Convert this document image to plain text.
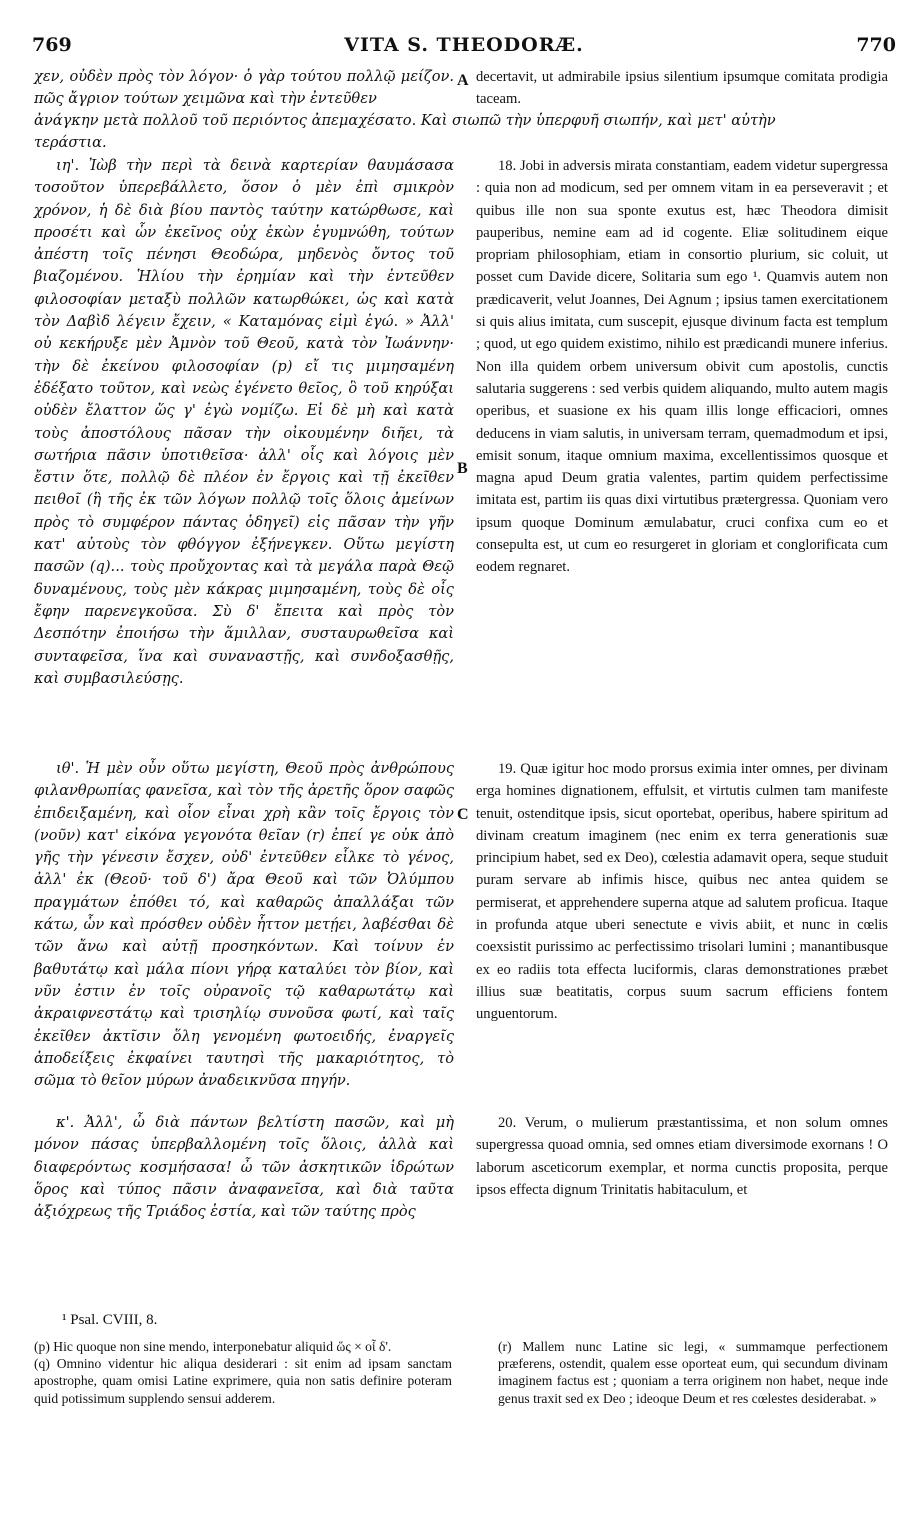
769	VITA S. THEODORÆ.	770

χεν, οὐδὲν πρὸς τὸν λόγον· ὁ γὰρ τούτου πολλῷ μείζον. πῶς ἄγριον τούτων χειμῶνα καὶ τὴν ἐντεῦθεν

A decertavit, ut admirabile ipsius silentium ipsumque comitata prodigia taceam.

ἀνάγκην μετὰ πολλοῦ τοῦ περιόντος ἀπεμαχέσατο. Καὶ σιωπῶ τὴν ὑπερφυῆ σιωπήν, καὶ μετ' αὐτὴν
τεράστια.

ιη'. Ἰὼβ τὴν περὶ τὰ δεινὰ καρτερίαν θαυμάσασα τοσοῦτον ὑπερεβάλλετο, ὅσον ὁ μὲν ἐπὶ σμικρὸν χρόνον, ἡ δὲ διὰ βίου παντὸς ταύτην κατώρθωσε, καὶ προσέτι καὶ ὧν ἐκεῖνος οὐχ ἑκὼν ἐγυμνώθη, τούτων ἀπέστη τοῖς πένησι Θεοδώρα, μηδενὸς ὄντος τοῦ βιαζομένου. Ἡλίου τὴν ἐρημίαν καὶ τὴν ἐντεῦθεν φιλοσοφίαν μεταξὺ πολλῶν κατωρθώκει, ὡς καὶ κατὰ τὸν Δαβὶδ λέγειν ἔχειν, « Καταμόνας εἰμὶ ἐγώ. » Ἀλλ' οὐ κεκήρυξε μὲν Ἀμνὸν τοῦ Θεοῦ, κατὰ τὸν Ἰωάννην· τὴν δὲ ἐκείνου φιλοσοφίαν (p) εἴ τις μιμησαμένη ἐδέξατο τοῦτον, καὶ νεὼς ἐγένετο θεῖος, ὃ τοῦ κηρύξαι οὐδὲν ἔλαττον ὥς γ' ἐγὼ νομίζω. Εἰ δὲ μὴ καὶ κατὰ τοὺς ἀποστόλους πᾶσαν τὴν οἰκουμένην διῆει, τὰ σωτήρια πᾶσιν ὑποτιθεῖσα· ἀλλ' οἷς καὶ λόγοις μὲν ἔστιν ὅτε, πολλῷ δὲ πλέον ἐν ἔργοις καὶ τῇ ἐκεῖθεν πειθοῖ (ἣ τῆς ἐκ τῶν λόγων πολλῷ τοῖς ὅλοις ἀμείνων πρὸς τὸ συμφέρον πάντας ὁδηγεῖ) εἰς πᾶσαν τὴν γῆν κατ' αὐτοὺς τὸν φθόγγον ἐξήνεγκεν. Οὕτω μεγίστη πασῶν (q)... τοὺς προὔχοντας καὶ τὰ μεγάλα παρὰ Θεῷ δυναμένους, τοὺς μὲν κάκρας μιμησαμένη, τοὺς δὲ οἷς ἔφην παρενεγκοῦσα. Σὺ δ' ἔπειτα καὶ πρὸς τὸν Δεσπότην ἐποιήσω τὴν ἅμιλλαν, συσταυρωθεῖσα καὶ συνταφεῖσα, ἵνα καὶ συναναστῇς, καὶ συνδοξασθῇς, καὶ συμβασιλεύσῃς.

B

18. Jobi in adversis mirata constantiam, eadem videtur supergressa : quia non ad modicum, sed per omnem vitam in ea perseveravit ; et quibus ille non sua sponte exutus est, hæc Theodora dimisit pauperibus, nemine eam ad id cogente. Eliæ solitudinem eique propriam philosophiam, etiam in consortio plurium, sic coluit, ut posset cum Davide dicere, Solitaria sum ego ¹. Quamvis autem non prædicaverit, velut Joannes, Dei Agnum ; ipsius tamen exercitationem si quis alius imitata, cum suscepit, ejusque divinum facta est templum ; quod, ut ego quidem existimo, nihilo est prædicandi munere inferius. Non illa quidem orbem universum obivit cum apostolis, cunctis salutaria suggerens : sed verbis quidem aliquando, multo autem magis operibus, et suasione ex his quam illis longe efficaciori, omnes deducens in viam salutis, in universam terram, quemadmodum et ipsi, emisit sonum, itaque omnium maxima, excellentissimos quosque et magna apud Deum gratia valentes, partim quidem perfectissime imitata est, partim iis quas dixi virtutibus prætergressa. Quoniam vero ipsum quoque Dominum æmulabatur, cruci confixa cum eo et consepulta est, ut cum eo resurgeret in gloriam et conglorificata cum eodem regnaret.

ιθ'. Ἡ μὲν οὖν οὕτω μεγίστη, Θεοῦ πρὸς ἀνθρώπους φιλανθρωπίας φανεῖσα, καὶ τὸν τῆς ἀρετῆς ὅρον σαφῶς ἐπιδειξαμένη, καὶ οἷον εἶναι χρὴ κἂν τοῖς ἔργοις τὸν (νοῦν) κατ' εἰκόνα γεγονότα θεῖαν (r) ἐπεί γε οὐκ ἀπὸ γῆς τὴν γένεσιν ἔσχεν, οὐδ' ἐντεῦθεν εἷλκε τὸ γένος, ἀλλ' ἐκ (Θεοῦ· τοῦ δ') ἄρα Θεοῦ καὶ τῶν Ὀλύμπου πραγμάτων ἐπόθει τό, καὶ καθαρῶς ἀπαλλάξαι τῶν κάτω, ὧν καὶ πρόσθεν οὐδὲν ἧττον μετῄει, λαβέσθαι δὲ τῶν ἄνω καὶ αὐτῇ προσηκόντων. Καὶ τοίνυν ἐν βαθυτάτῳ καὶ μάλα πίονι γήρᾳ καταλύει τὸν βίον, καὶ νῦν ἐστιν ἐν τοῖς οὐρανοῖς τῷ καθαρωτάτῳ καὶ ἀκραιφνεστάτῳ καὶ τρισηλίῳ συνοῦσα φωτί, καὶ ταῖς ἐκεῖθεν ἀκτῖσιν ὅλη γενομένη φωτοειδής, ἐναργεῖς ἀποδείξεις ἐκφαίνει ταυτησὶ τῆς μακαριότητος, τὸ σῶμα τὸ θεῖον μύρων ἀναδεικνῦσα πηγήν.

C

19. Quæ igitur hoc modo prorsus eximia inter omnes, per divinam erga homines dignationem, effulsit, et virtutis culmen tam manifeste tenuit, ostenditque ipsis, sicut oportebat, operibus, habere spiritum ad divinam creatum imaginem (nec enim ex terra generationis suæ principium habet, sed ex Deo), cœlestia adamavit opera, seque studuit puram servare ab infimis hisce, quibus nec antea quidem se permiserat, et apprehendere superna atque ad salutem proficua. Itaque in profunda atque uberi senectute e vivis abiit, et nunc in cœlis coexsistit purissimo ac perfectissimo trisolari lumini ; manantibusque ex eo radiis tota effecta luciformis, claras demonstrationes præbet illius suæ beatitatis, corpus suum sacrum efficiens fontem unguentorum.

κ'. Ἀλλ', ὦ διὰ πάντων βελτίστη πασῶν, καὶ μὴ μόνον πάσας ὑπερβαλλομένη τοῖς ὅλοις, ἀλλὰ καὶ διαφερόντως κοσμήσασα! ὦ τῶν ἀσκητικῶν ἱδρώτων ὅρος καὶ τύπος πᾶσιν ἀναφανεῖσα, καὶ διὰ ταῦτα ἀξιόχρεως τῆς Τριάδος ἑστία, καὶ τῶν ταύτης πρὸς

20. Verum, o mulierum præstantissima, et non solum omnes supergressa quoad omnia, sed omnes etiam diversimode exornans ! O laborum asceticorum exemplar, et norma cunctis proposita, perque ipsos effecta dignum Trinitatis habitaculum, et

¹ Psal. CVIII, 8.

(p) Hic quoque non sine mendo, interponebatur aliquid ὥς × οἷ δ'.

(q) Omnino videntur hic aliqua desiderari : sit enim ad ipsam sanctam apostrophe, quam omisi Latine exprimere, quia non satis definire poteram quid potissimum supplendo sensui adderem.

(r) Mallem nunc Latine sic legi, « summamque perfectionem præferens, ostendit, qualem esse oporteat eum, qui secundum divinam imaginem factus est ; quoniam a terra originem non habet, neque inde genus traxit sed ex Deo ; ideoque Deum et res cœlestes desiderabat. »
